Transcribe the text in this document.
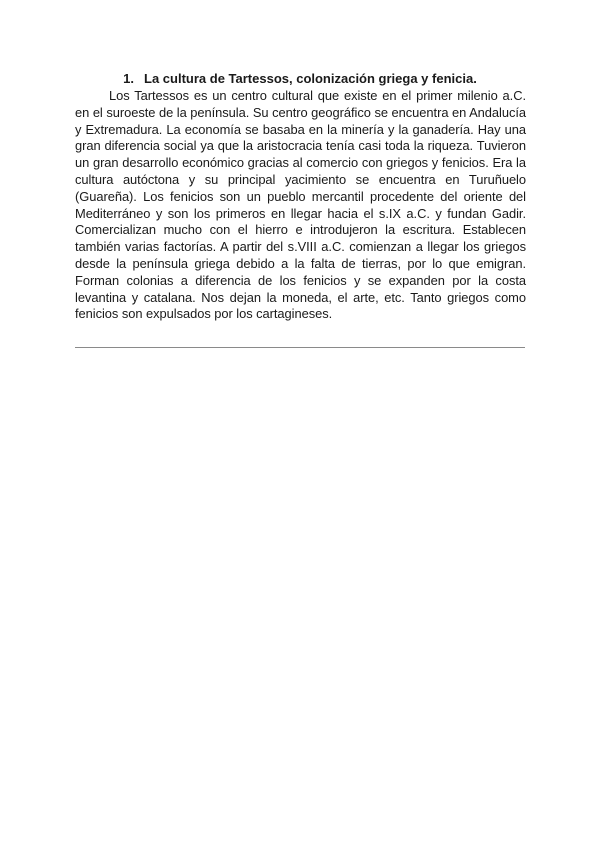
1. La cultura de Tartessos, colonización griega y fenicia.

Los Tartessos es un centro cultural que existe en el primer milenio a.C. en el suroeste de la península. Su centro geográfico se encuentra en Andalucía y Extremadura. La economía se basaba en la minería y la ganadería. Hay una gran diferencia social ya que la aristocracia tenía casi toda la riqueza. Tuvieron un gran desarrollo económico gracias al comercio con griegos y fenicios. Era la cultura autóctona y su principal yacimiento se encuentra en Turuñuelo (Guareña). Los fenicios son un pueblo mercantil procedente del oriente del Mediterráneo y son los primeros en llegar hacia el s.IX a.C. y fundan Gadir. Comercializan mucho con el hierro e introdujeron la escritura. Establecen también varias factorías. A partir del s.VIII a.C. comienzan a llegar los griegos desde la península griega debido a la falta de tierras, por lo que emigran. Forman colonias a diferencia de los fenicios y se expanden por la costa levantina y catalana. Nos dejan la moneda, el arte, etc. Tanto griegos como fenicios son expulsados por los cartagineses.
